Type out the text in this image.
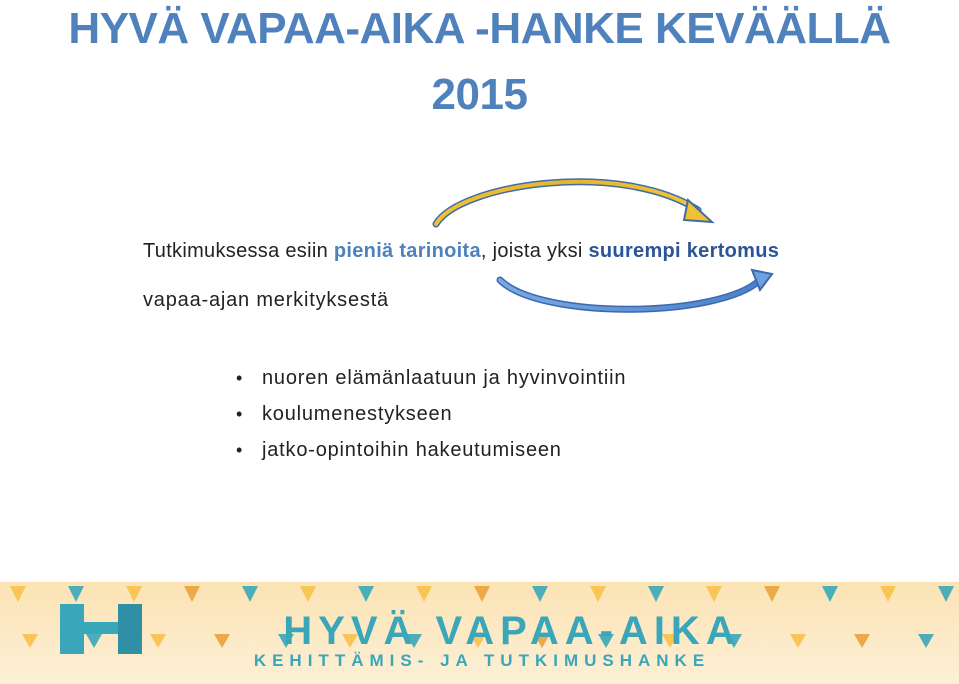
HYVÄ VAPAA-AIKA -HANKE KEVÄÄLLÄ
2015
Tutkimuksessa esiin pieniä tarinoita, joista yksi suurempi kertomus
vapaa-ajan merkityksestä
• nuoren elämänlaatuun ja hyvinvointiin
• koulumenestykseen
• jatko-opintoihin hakeutumiseen
HYVÄ VAPAA-AIKA
KEHITTÄMIS- JA TUTKIMUSHANKE
